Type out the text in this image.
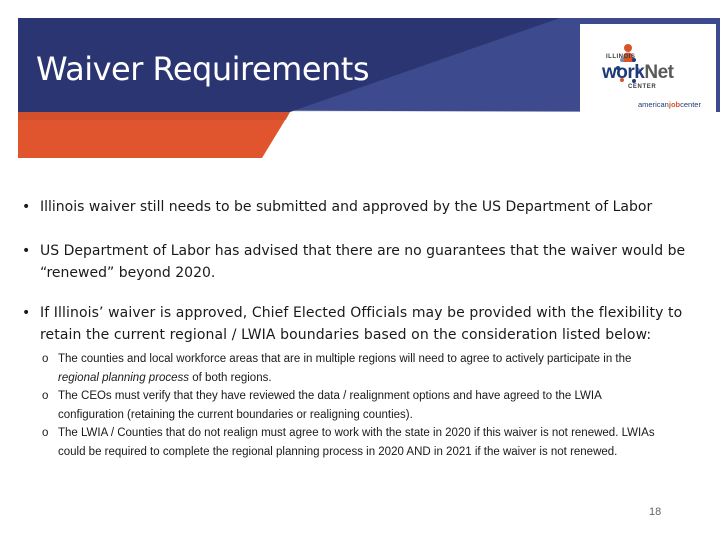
Waiver Requirements	ILLINOIS
workNet
CENTER
americanjobcenter
• Illinois waiver still needs to be submitted and approved by the US Department of Labor
• US Department of Labor has advised that there are no guarantees that the waiver would be “renewed” beyond 2020.
• If Illinois’ waiver is approved, Chief Elected Officials may be provided with the flexibility to retain the current regional / LWIA boundaries based on the consideration listed below:
o The counties and local workforce areas that are in multiple regions will need to agree to actively participate in the regional planning process of both regions.
o The CEOs must verify that they have reviewed the data / realignment options and have agreed to the LWIA configuration (retaining the current boundaries or realigning counties).
o The LWIA / Counties that do not realign must agree to work with the state in 2020 if this waiver is not renewed. LWIAs could be required to complete the regional planning process in 2020 AND in 2021 if the waiver is not renewed.
18
